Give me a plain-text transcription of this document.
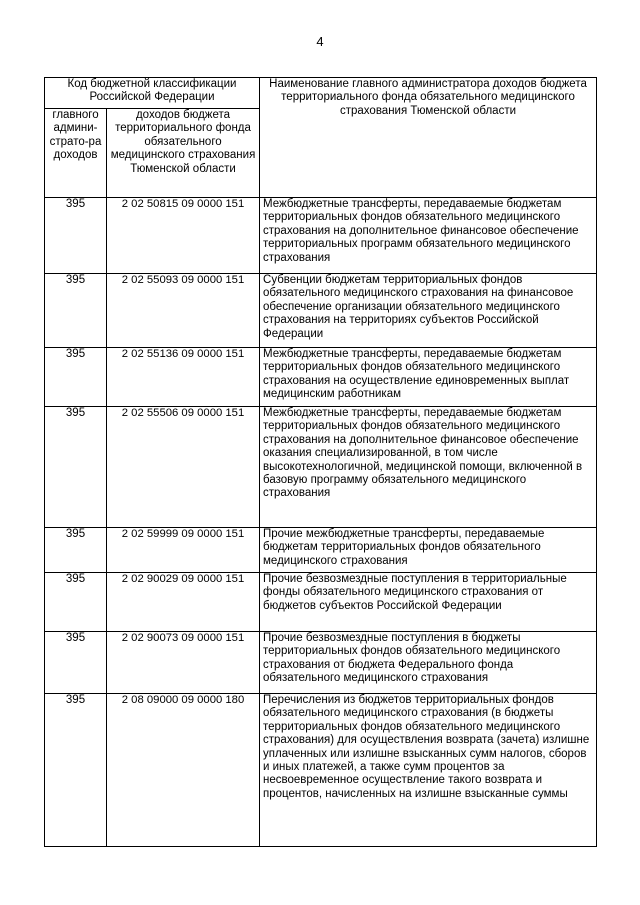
4
Код бюджетной классификации Российской Федерации		Наименование главного администратора доходов бюджета территориального фонда обязательного медицинского страхования Тюменской области
главного админи-страто-ра доходов	доходов бюджета территориального фонда обязательного медицинского страхования Тюменской области	
395	2 02 50815 09 0000 151	Межбюджетные трансферты, передаваемые бюджетам территориальных фондов обязательного медицинского страхования на дополнительное финансовое обеспечение территориальных программ обязательного медицинского страхования
395	2 02 55093 09 0000 151	Субвенции бюджетам территориальных фондов обязательного медицинского страхования на финансовое обеспечение организации обязательного медицинского страхования на территориях субъектов Российской Федерации
395	2 02 55136 09 0000 151	Межбюджетные трансферты, передаваемые бюджетам территориальных фондов обязательного медицинского страхования на осуществление единовременных выплат медицинским работникам
395	2 02 55506 09 0000 151	Межбюджетные трансферты, передаваемые бюджетам территориальных фондов обязательного медицинского страхования на дополнительное финансовое обеспечение оказания специализированной, в том числе высокотехнологичной, медицинской помощи, включенной в базовую программу обязательного медицинского страхования
395	2 02 59999 09 0000 151	Прочие межбюджетные трансферты, передаваемые бюджетам территориальных фондов обязательного медицинского страхования
395	2 02 90029 09 0000 151	Прочие безвозмездные поступления в территориальные фонды обязательного медицинского страхования от бюджетов субъектов Российской Федерации
395	2 02 90073 09 0000 151	Прочие безвозмездные поступления в бюджеты территориальных фондов обязательного медицинского страхования от бюджета Федерального фонда обязательного медицинского страхования
395	2 08 09000 09 0000 180	Перечисления из бюджетов территориальных фондов обязательного медицинского страхования (в бюджеты территориальных фондов обязательного медицинского страхования) для осуществления возврата (зачета) излишне уплаченных или излишне взысканных сумм налогов, сборов и иных платежей, а также сумм процентов за несвоевременное осуществление такого возврата и процентов, начисленных на излишне взысканные суммы
